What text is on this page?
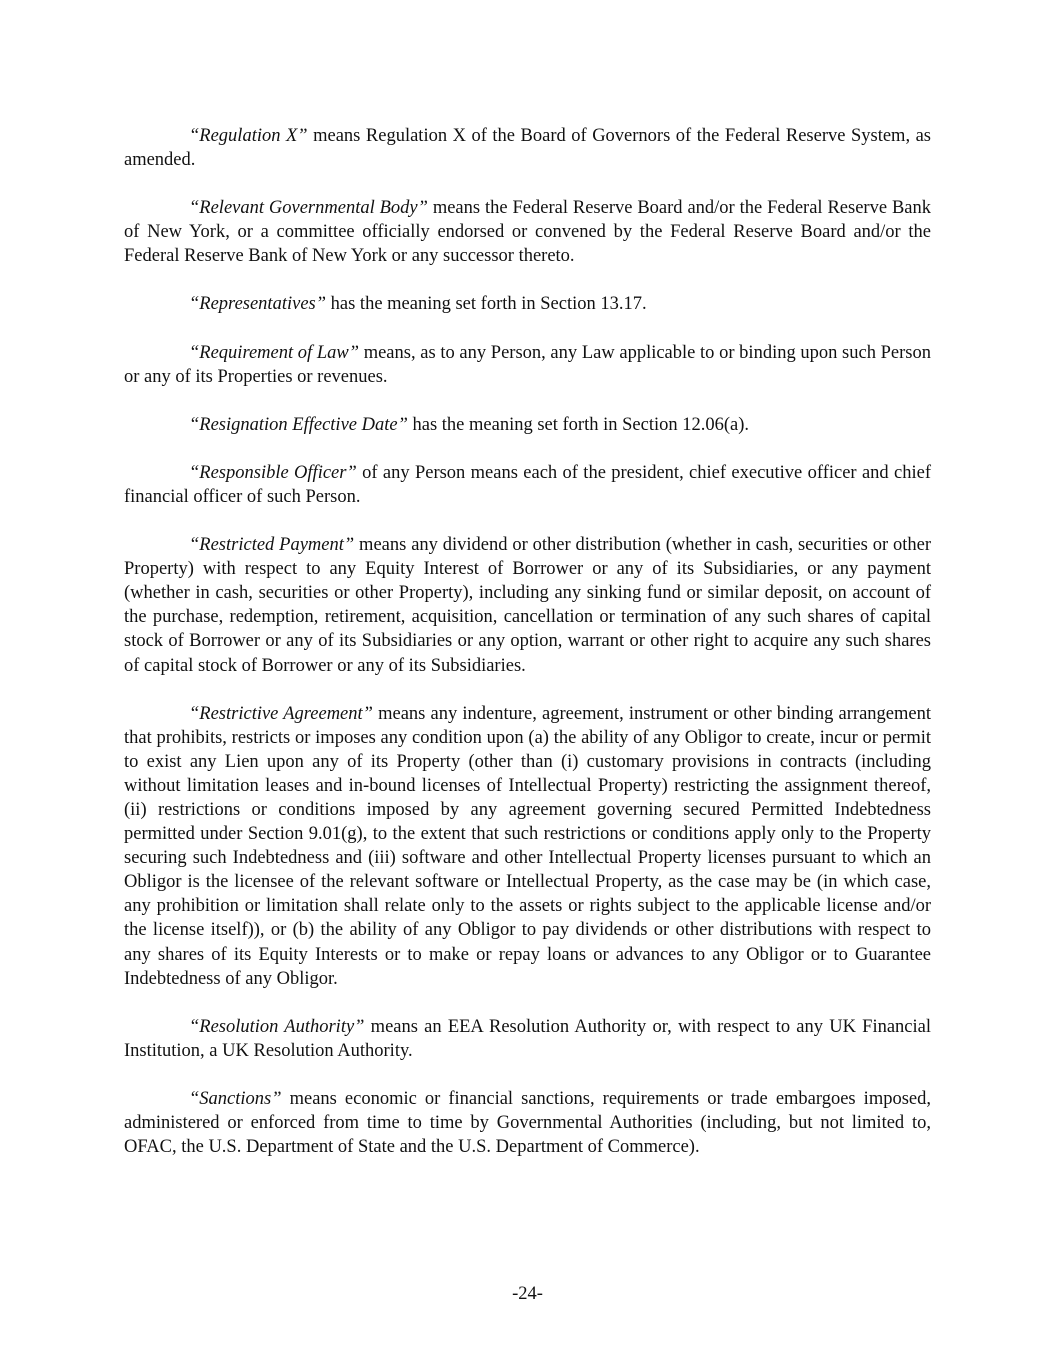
“Regulation X” means Regulation X of the Board of Governors of the Federal Reserve System, as amended.

“Relevant Governmental Body” means the Federal Reserve Board and/or the Federal Reserve Bank of New York, or a committee officially endorsed or convened by the Federal Reserve Board and/or the Federal Reserve Bank of New York or any successor thereto.

“Representatives” has the meaning set forth in Section 13.17.

“Requirement of Law” means, as to any Person, any Law applicable to or binding upon such Person or any of its Properties or revenues.

“Resignation Effective Date” has the meaning set forth in Section 12.06(a).

“Responsible Officer” of any Person means each of the president, chief executive officer and chief financial officer of such Person.

“Restricted Payment” means any dividend or other distribution (whether in cash, securities or other Property) with respect to any Equity Interest of Borrower or any of its Subsidiaries, or any payment (whether in cash, securities or other Property), including any sinking fund or similar deposit, on account of the purchase, redemption, retirement, acquisition, cancellation or termination of any such shares of capital stock of Borrower or any of its Subsidiaries or any option, warrant or other right to acquire any such shares of capital stock of Borrower or any of its Subsidiaries.

“Restrictive Agreement” means any indenture, agreement, instrument or other binding arrangement that prohibits, restricts or imposes any condition upon (a) the ability of any Obligor to create, incur or permit to exist any Lien upon any of its Property (other than (i) customary provisions in contracts (including without limitation leases and in-bound licenses of Intellectual Property) restricting the assignment thereof, (ii) restrictions or conditions imposed by any agreement governing secured Permitted Indebtedness permitted under Section 9.01(g), to the extent that such restrictions or conditions apply only to the Property securing such Indebtedness and (iii) software and other Intellectual Property licenses pursuant to which an Obligor is the licensee of the relevant software or Intellectual Property, as the case may be (in which case, any prohibition or limitation shall relate only to the assets or rights subject to the applicable license and/or the license itself)), or (b) the ability of any Obligor to pay dividends or other distributions with respect to any shares of its Equity Interests or to make or repay loans or advances to any Obligor or to Guarantee Indebtedness of any Obligor.

“Resolution Authority” means an EEA Resolution Authority or, with respect to any UK Financial Institution, a UK Resolution Authority.

“Sanctions” means economic or financial sanctions, requirements or trade embargoes imposed, administered or enforced from time to time by Governmental Authorities (including, but not limited to, OFAC, the U.S. Department of State and the U.S. Department of Commerce).

-24-
